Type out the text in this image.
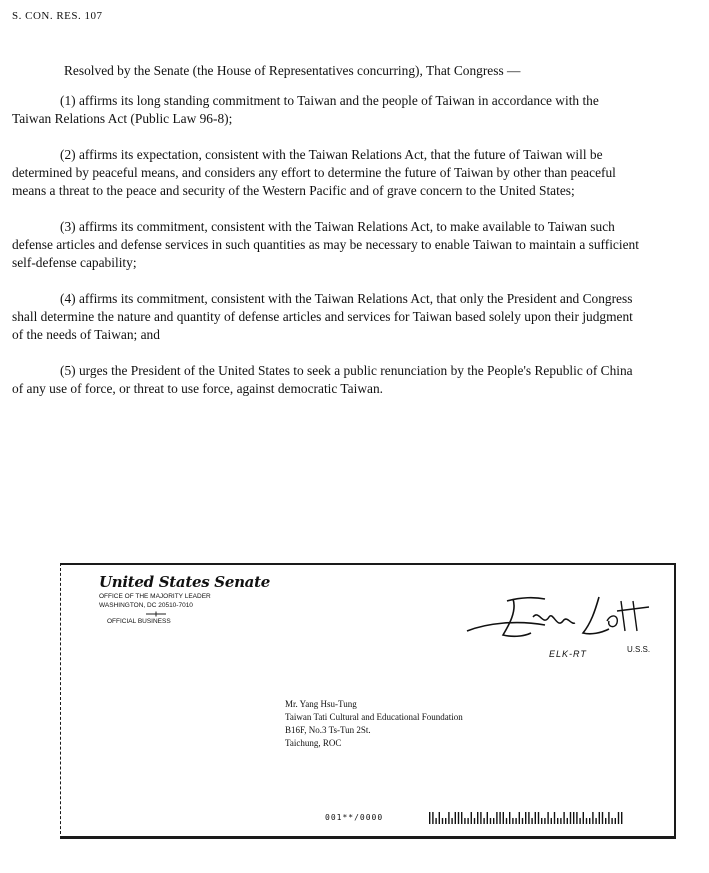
S. CON. RES. 107

Resolved by the Senate (the House of Representatives concurring), That Congress —

(1) affirms its long standing commitment to Taiwan and the people of Taiwan in accordance with the Taiwan Relations Act (Public Law 96-8);

(2) affirms its expectation, consistent with the Taiwan Relations Act, that the future of Taiwan will be determined by peaceful means, and considers any effort to determine the future of Taiwan by other than peaceful means a threat to the peace and security of the Western Pacific and of grave concern to the United States;

(3) affirms its commitment, consistent with the Taiwan Relations Act, to make available to Taiwan such defense articles and defense services in such quantities as may be necessary to enable Taiwan to maintain a sufficient self-defense capability;

(4) affirms its commitment, consistent with the Taiwan Relations Act, that only the President and Congress shall determine the nature and quantity of defense articles and services for Taiwan based solely upon their judgment of the needs of Taiwan; and

(5) urges the President of the United States to seek a public renunciation by the People's Republic of China of any use of force, or threat to use force, against democratic Taiwan.

United States Senate
OFFICE OF THE MAJORITY LEADER
WASHINGTON, DC 20510-7010
OFFICIAL BUSINESS
ELK-RT	U.S.S.
Mr. Yang Hsu-Tung
Taiwan Tati Cultural and Educational Foundation
B16F, No.3 Ts-Tun 2St.
Taichung, ROC
001**/0000
